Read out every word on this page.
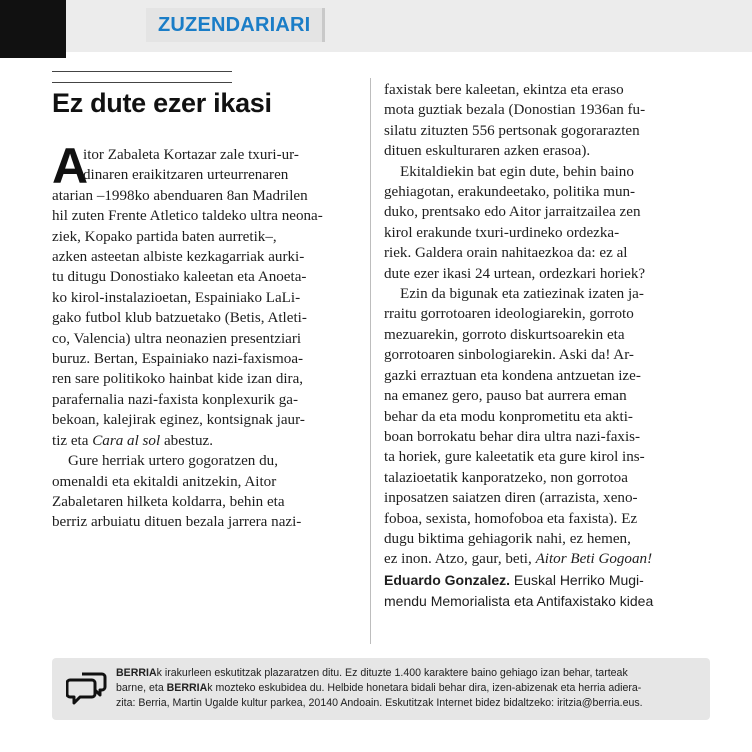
ZUZENDARIARI
Ez dute ezer ikasi
A
itor Zabaleta Kortazar zale txuri-ur-
dinaren eraikitzaren urteurrenaren
atarian –1998ko abenduaren 8an Madrilen
hil zuten Frente Atletico taldeko ultra neona-
ziek, Kopako partida baten aurretik–,
azken asteetan albiste kezkagarriak aurki-
tu ditugu Donostiako kaleetan eta Anoeta-
ko kirol-instalazioetan, Espainiako LaLi-
gako futbol klub batzuetako (Betis, Atleti-
co, Valencia) ultra neonazien presentziari
buruz. Bertan, Espainiako nazi-faxismoa-
ren sare politikoko hainbat kide izan dira,
parafernalia nazi-faxista konplexurik ga-
bekoan, kalejirak eginez, kontsignak jaur-
tiz eta Cara al sol abestuz.
Gure herriak urtero gogoratzen du,
omenaldi eta ekitaldi anitzekin, Aitor
Zabaletaren hilketa koldarra, behin eta
berriz arbuiatu dituen bezala jarrera nazi-
faxistak bere kaleetan, ekintza eta eraso
mota guztiak bezala (Donostian 1936an fu-
silatu zituzten 556 pertsonak gogorarazten
dituen eskulturaren azken erasoa).
Ekitaldiekin bat egin dute, behin baino
gehiagotan, erakundeetako, politika mun-
duko, prentsako edo Aitor jarraitzailea zen
kirol erakunde txuri-urdineko ordezka-
riek. Galdera orain nahitaezkoa da: ez al
dute ezer ikasi 24 urtean, ordezkari horiek?
Ezin da bigunak eta zatiezinak izaten ja-
rraitu gorrotoaren ideologiarekin, gorroto
mezuarekin, gorroto diskurtsoarekin eta
gorrotoaren sinbologiarekin. Aski da! Ar-
gazki erraztuan eta kondena antzuetan ize-
na emanez gero, pauso bat aurrera eman
behar da eta modu konprometitu eta akti-
boan borrokatu behar dira ultra nazi-faxis-
ta horiek, gure kaleetatik eta gure kirol ins-
talazioetatik kanporatzeko, non gorrotoa
inposatzen saiatzen diren (arrazista, xeno-
foboa, sexista, homofoboa eta faxista). Ez
dugu biktima gehiagorik nahi, ez hemen,
ez inon. Atzo, gaur, beti, Aitor Beti Gogoan!
Eduardo Gonzalez. Euskal Herriko Mugi-
mendu Memorialista eta Antifaxistako kidea
BERRIAk irakurleen eskutitzak plazaratzen ditu. Ez dituzte 1.400 karaktere baino gehiago izan behar, tarteak
barne, eta BERRIAk mozteko eskubidea du. Helbide honetara bidali behar dira, izen-abizenak eta herria adiera-
zita: Berria, Martin Ugalde kultur parkea, 20140 Andoain. Eskutitzak Internet bidez bidaltzeko: iritzia@berria.eus.
